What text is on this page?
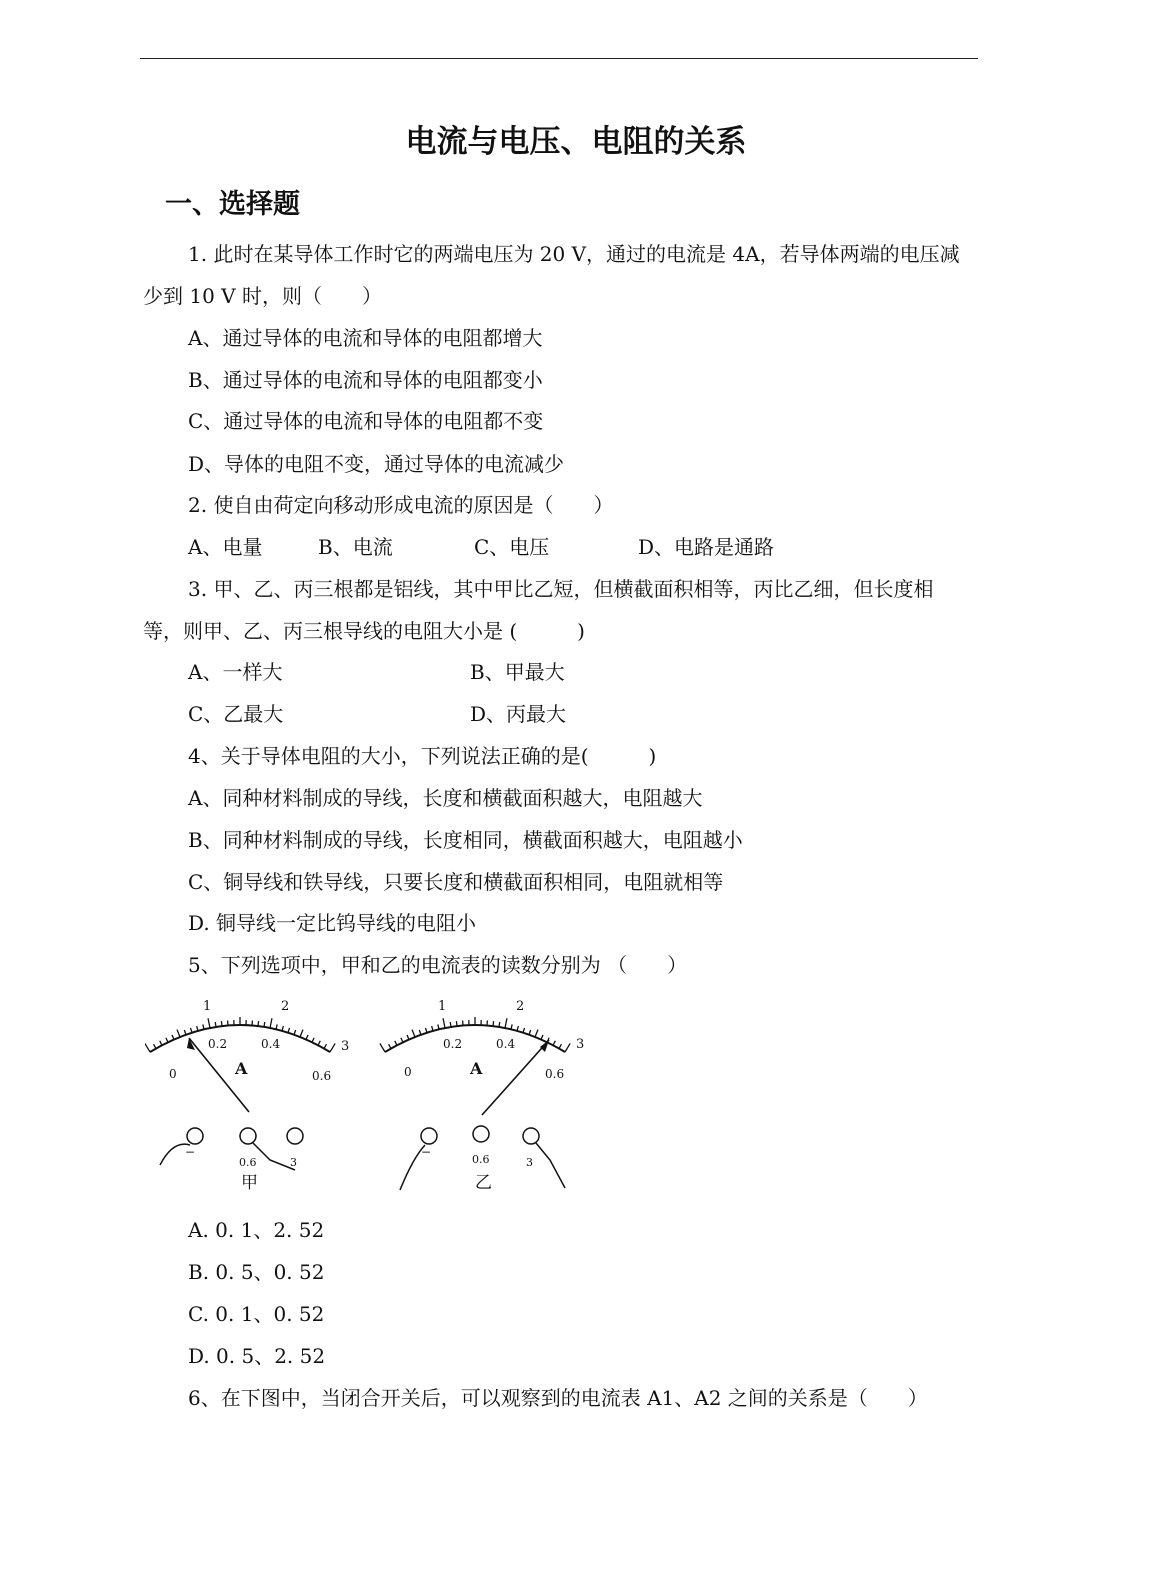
电流与电压、电阻的关系
一、选择题
1. 此时在某导体工作时它的两端电压为 20 V，通过的电流是 4A，若导体两端的电压减
少到 10 V 时，则（　　）
A、通过导体的电流和导体的电阻都增大
B、通过导体的电流和导体的电阻都变小
C、通过导体的电流和导体的电阻都不变
D、导体的电阻不变，通过导体的电流减少
2. 使自由荷定向移动形成电流的原因是（　　）
A、电量	B、电流	C、电压	D、电路是通路
3. 甲、乙、丙三根都是铝线，其中甲比乙短，但横截面积相等，丙比乙细，但长度相
等，则甲、乙、丙三根导线的电阻大小是 (　　　)
A、一样大	B、甲最大
C、乙最大	D、丙最大
4、关于导体电阻的大小，下列说法正确的是(　　　)
A、同种材料制成的导线，长度和横截面积越大，电阻越大
B、同种材料制成的导线，长度相同，横截面积越大，电阻越小
C、铜导线和铁导线，只要长度和横截面积相同，电阻就相等
D. 铜导线一定比钨导线的电阻小
5、下列选项中，甲和乙的电流表的读数分别为 （　　）
1	2
3
0
0.2	0.4
0.6
A
−
0.6	3
甲
1	2
3
0
0.2	0.4
0.6
A
−
0.6	3
乙
A. 0. 1、2. 52
B. 0. 5、0. 52
C. 0. 1、0. 52
D. 0. 5、2. 52
6、在下图中，当闭合开关后，可以观察到的电流表 A1、A2 之间的关系是（　　）
